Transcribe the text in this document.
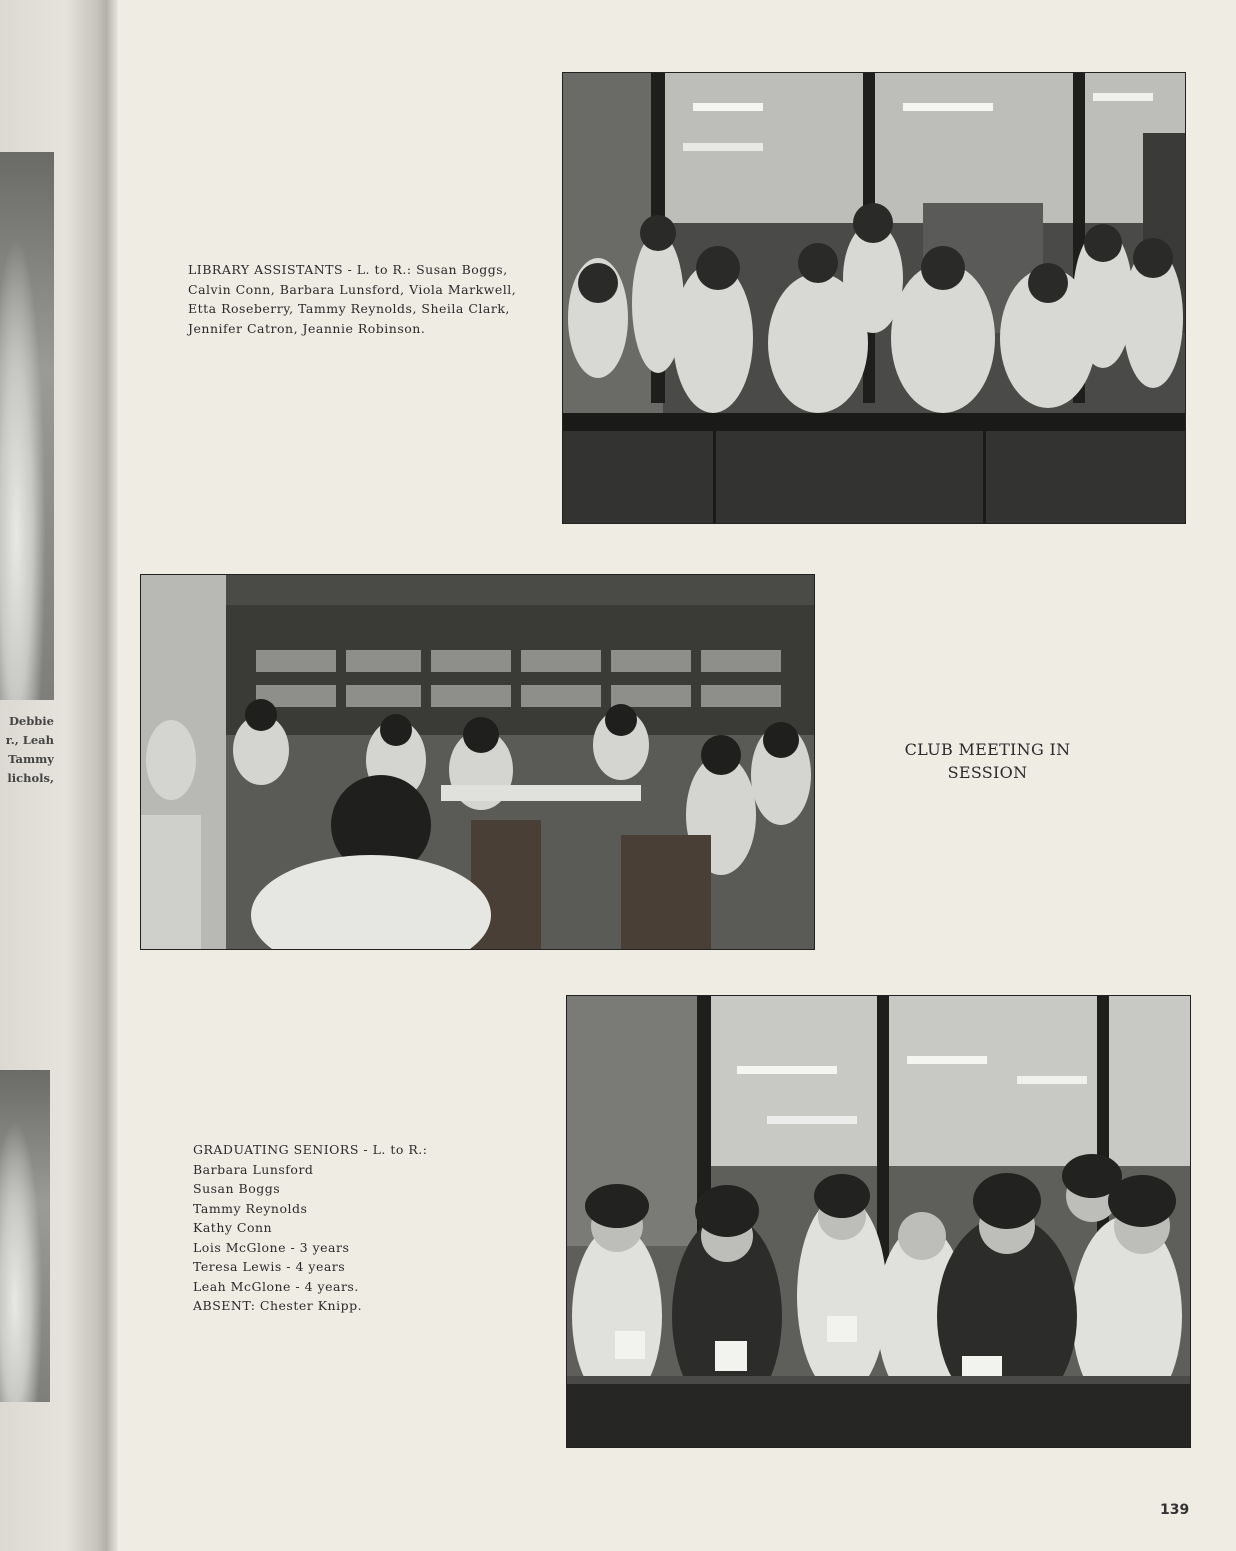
Debbie
r., Leah
Tammy
lichols,
LIBRARY ASSISTANTS - L. to R.: Susan Boggs,
Calvin Conn, Barbara Lunsford, Viola Markwell,
Etta Roseberry, Tammy Reynolds, Sheila Clark,
Jennifer Catron, Jeannie Robinson.
CLUB MEETING IN
SESSION
GRADUATING SENIORS - L. to R.:
Barbara Lunsford
Susan Boggs
Tammy Reynolds
Kathy Conn
Lois McGlone - 3 years
Teresa Lewis - 4 years
Leah McGlone - 4 years.
ABSENT: Chester Knipp.
139
